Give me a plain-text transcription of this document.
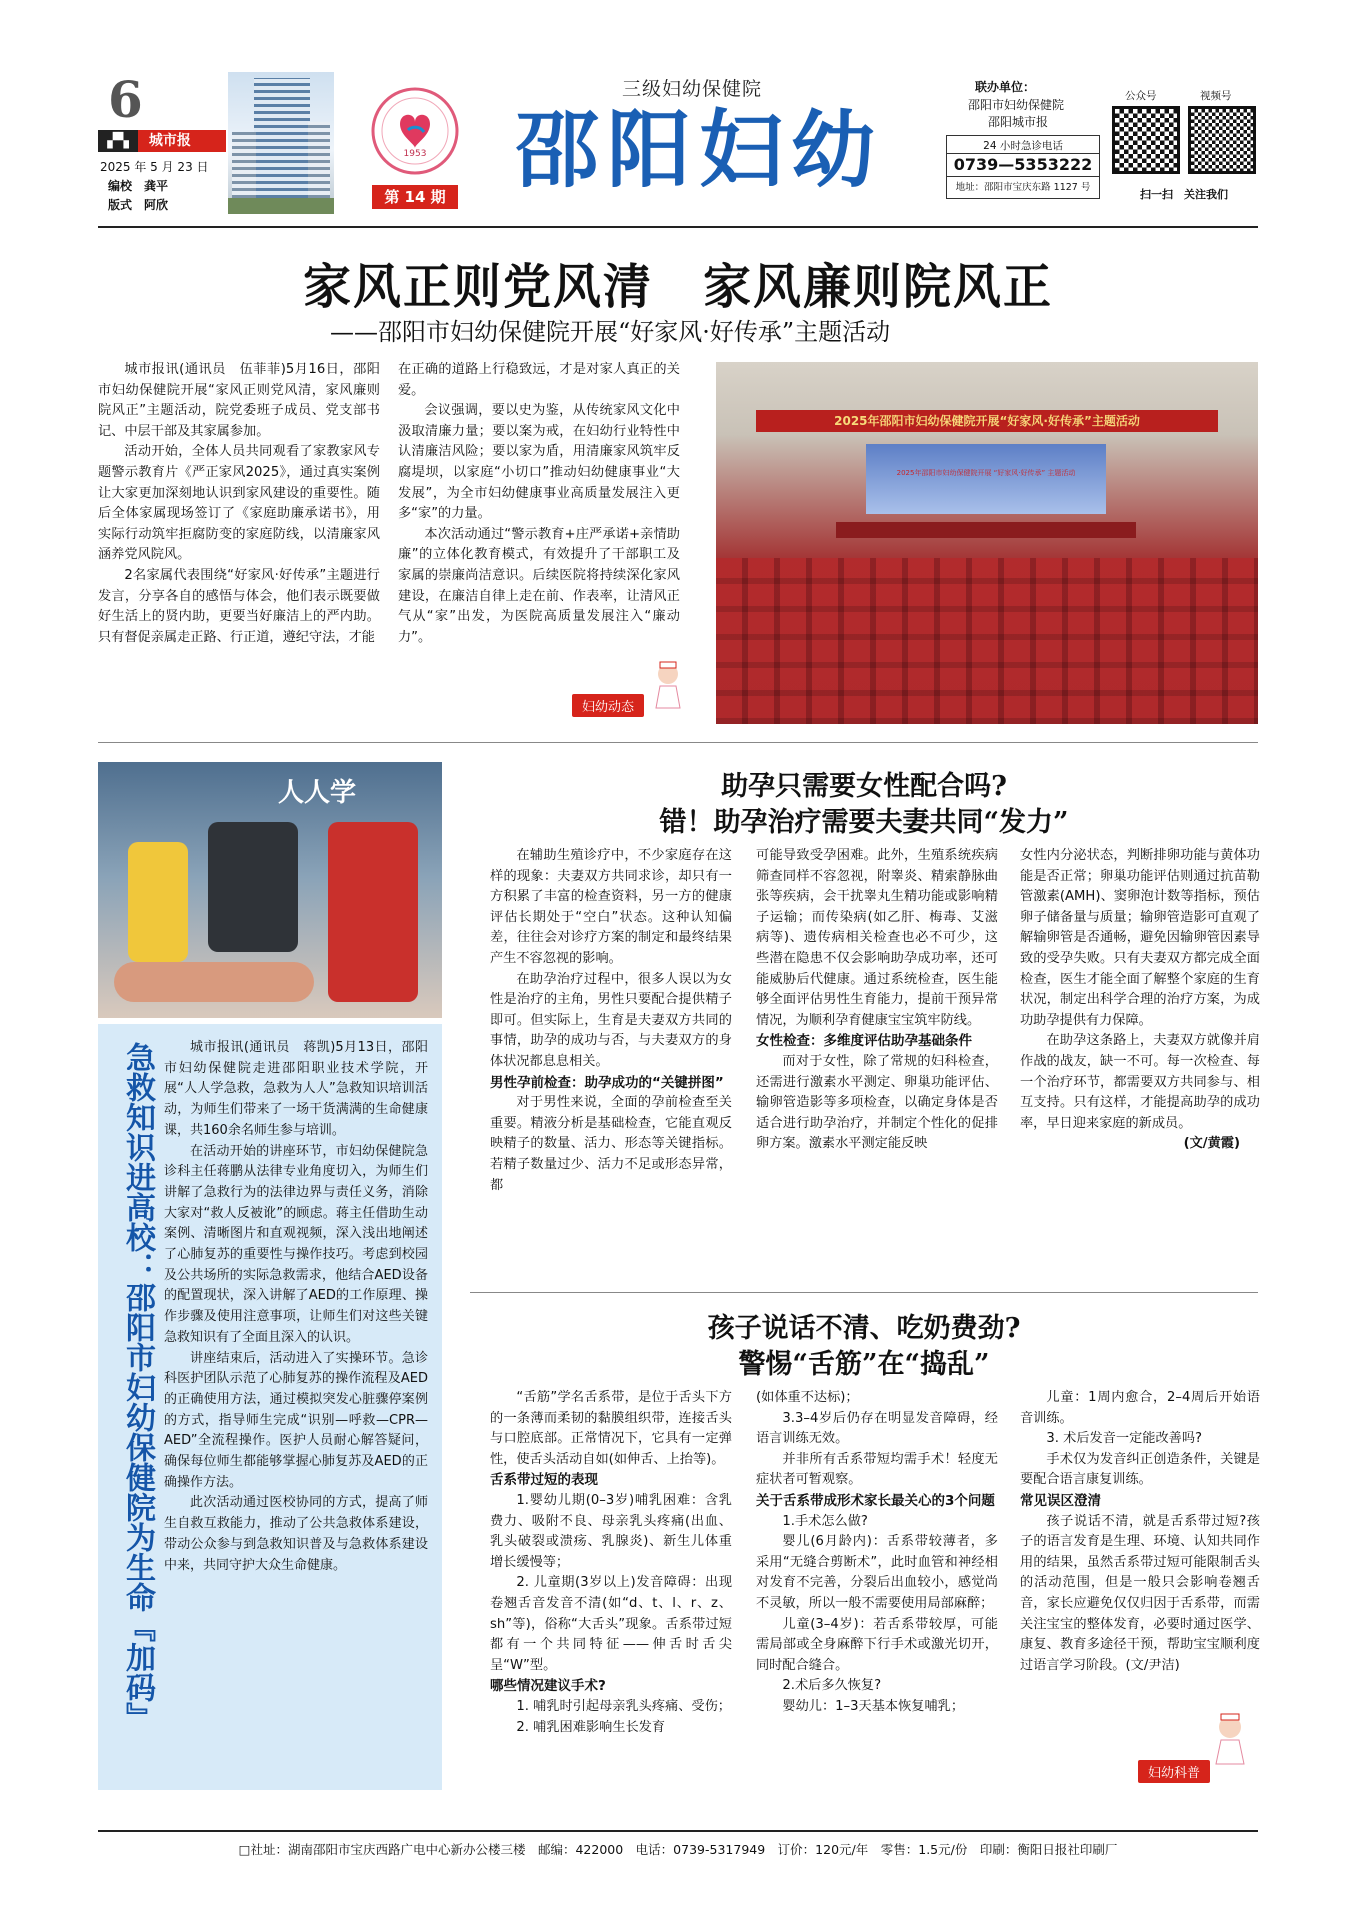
6
▞▚ 城市报
2025 年 5 月 23 日
编校　龚平
版式　阿欣
1953
第 14 期
三级妇幼保健院
邵阳妇幼
联办单位：
邵阳市妇幼保健院
邵阳城市报
24 小时急诊电话
0739—5353222
地址：邵阳市宝庆东路 1127 号
公众号	视频号
扫一扫　关注我们
家风正则党风清　家风廉则院风正
——邵阳市妇幼保健院开展“好家风·好传承”主题活动

城市报讯(通讯员　伍菲菲)5月16日，邵阳市妇幼保健院开展“家风正则党风清，家风廉则院风正”主题活动，院党委班子成员、党支部书记、中层干部及其家属参加。

活动开始，全体人员共同观看了家教家风专题警示教育片《严正家风2025》，通过真实案例让大家更加深刻地认识到家风建设的重要性。随后全体家属现场签订了《家庭助廉承诺书》，用实际行动筑牢拒腐防变的家庭防线，以清廉家风涵养党风院风。

2名家属代表围绕“好家风·好传承”主题进行发言，分享各自的感悟与体会，他们表示既要做好生活上的贤内助，更要当好廉洁上的严内助。只有督促亲属走正路、行正道，遵纪守法，才能

在正确的道路上行稳致远，才是对家人真正的关爱。

会议强调，要以史为鉴，从传统家风文化中汲取清廉力量；要以案为戒，在妇幼行业特性中认清廉洁风险；要以家为盾，用清廉家风筑牢反腐堤坝，以家庭“小切口”推动妇幼健康事业“大发展”，为全市妇幼健康事业高质量发展注入更多“家”的力量。

本次活动通过“警示教育+庄严承诺+亲情助廉”的立体化教育模式，有效提升了干部职工及家属的崇廉尚洁意识。后续医院将持续深化家风建设，在廉洁自律上走在前、作表率，让清风正气从“家”出发，为医院高质量发展注入“廉动力”。

妇幼动态
2025年邵阳市妇幼保健院开展“好家风·好传承”主题活动
2025年邵阳市妇幼保健院开展 “好家风·好传承” 主题活动
人人学
急救知识进高校：邵阳市妇幼保健院为生命『加码』	城市报讯(通讯员　蒋凯)5月13日，邵阳市妇幼保健院走进邵阳职业技术学院，开展“人人学急救，急救为人人”急救知识培训活动，为师生们带来了一场干货满满的生命健康课，共160余名师生参与培训。

在活动开始的讲座环节，市妇幼保健院急诊科主任蒋鹏从法律专业角度切入，为师生们讲解了急救行为的法律边界与责任义务，消除大家对“救人反被讹”的顾虑。蒋主任借助生动案例、清晰图片和直观视频，深入浅出地阐述了心肺复苏的重要性与操作技巧。考虑到校园及公共场所的实际急救需求，他结合AED设备的配置现状，深入讲解了AED的工作原理、操作步骤及使用注意事项，让师生们对这些关键急救知识有了全面且深入的认识。

讲座结束后，活动进入了实操环节。急诊科医护团队示范了心肺复苏的操作流程及AED的正确使用方法，通过模拟突发心脏骤停案例的方式，指导师生完成“识别—呼救—CPR—AED”全流程操作。医护人员耐心解答疑问，确保每位师生都能够掌握心肺复苏及AED的正确操作方法。

此次活动通过医校协同的方式，提高了师生自救互救能力，推动了公共急救体系建设，带动公众参与到急救知识普及与急救体系建设中来，共同守护大众生命健康。

助孕只需要女性配合吗?
错！助孕治疗需要夫妻共同“发力”

在辅助生殖诊疗中，不少家庭存在这样的现象：夫妻双方共同求诊，却只有一方积累了丰富的检查资料，另一方的健康评估长期处于“空白”状态。这种认知偏差，往往会对诊疗方案的制定和最终结果产生不容忽视的影响。

在助孕治疗过程中，很多人误以为女性是治疗的主角，男性只要配合提供精子即可。但实际上，生育是夫妻双方共同的事情，助孕的成功与否，与夫妻双方的身体状况都息息相关。

男性孕前检查：助孕成功的“关键拼图”

对于男性来说，全面的孕前检查至关重要。精液分析是基础检查，它能直观反映精子的数量、活力、形态等关键指标。若精子数量过少、活力不足或形态异常，都

可能导致受孕困难。此外，生殖系统疾病筛查同样不容忽视，附睾炎、精索静脉曲张等疾病，会干扰睾丸生精功能或影响精子运输；而传染病(如乙肝、梅毒、艾滋病等)、遗传病相关检查也必不可少，这些潜在隐患不仅会影响助孕成功率，还可能威胁后代健康。通过系统检查，医生能够全面评估男性生育能力，提前干预异常情况，为顺利孕育健康宝宝筑牢防线。

女性检查：多维度评估助孕基础条件

而对于女性，除了常规的妇科检查，还需进行激素水平测定、卵巢功能评估、输卵管造影等多项检查，以确定身体是否适合进行助孕治疗，并制定个性化的促排卵方案。激素水平测定能反映

女性内分泌状态，判断排卵功能与黄体功能是否正常；卵巢功能评估则通过抗苗勒管激素(AMH)、窦卵泡计数等指标，预估卵子储备量与质量；输卵管造影可直观了解输卵管是否通畅，避免因输卵管因素导致的受孕失败。只有夫妻双方都完成全面检查，医生才能全面了解整个家庭的生育状况，制定出科学合理的治疗方案，为成功助孕提供有力保障。

在助孕这条路上，夫妻双方就像并肩作战的战友，缺一不可。每一次检查、每一个治疗环节，都需要双方共同参与、相互支持。只有这样，才能提高助孕的成功率，早日迎来家庭的新成员。

(文/黄霞)

孩子说话不清、吃奶费劲?
警惕“舌筋”在“捣乱”

“舌筋”学名舌系带，是位于舌头下方的一条薄而柔韧的黏膜组织带，连接舌头与口腔底部。正常情况下，它具有一定弹性，使舌头活动自如(如伸舌、上抬等)。

舌系带过短的表现

1.婴幼儿期(0–3岁)哺乳困难：含乳费力、吸附不良、母亲乳头疼痛(出血、乳头破裂或溃疡、乳腺炎)、新生儿体重增长缓慢等；

2. 儿童期(3岁以上)发音障碍：出现卷翘舌音发音不清(如“d、t、l、r、z、sh”等)，俗称“大舌头”现象。舌系带过短都有一个共同特征——伸舌时舌尖呈“W”型。

哪些情况建议手术?

1. 哺乳时引起母亲乳头疼痛、受伤；

2. 哺乳困难影响生长发育

(如体重不达标)；

3.3–4岁后仍存在明显发音障碍，经语言训练无效。

并非所有舌系带短均需手术！轻度无症状者可暂观察。

关于舌系带成形术家长最关心的3个问题

1.手术怎么做?

婴儿(6月龄内)：舌系带较薄者，多采用“无缝合剪断术”，此时血管和神经相对发育不完善，分裂后出血较小，感觉尚不灵敏，所以一般不需要使用局部麻醉；

儿童(3–4岁)：若舌系带较厚，可能需局部或全身麻醉下行手术或激光切开，同时配合缝合。

2.术后多久恢复?

婴幼儿：1–3天基本恢复哺乳；

儿童：1周内愈合，2–4周后开始语音训练。

3. 术后发音一定能改善吗?

手术仅为发音纠正创造条件，关键是要配合语言康复训练。

常见误区澄清

孩子说话不清，就是舌系带过短?孩子的语言发育是生理、环境、认知共同作用的结果，虽然舌系带过短可能限制舌头的活动范围，但是一般只会影响卷翘舌音，家长应避免仅仅归因于舌系带，而需关注宝宝的整体发育，必要时通过医学、康复、教育多途径干预，帮助宝宝顺利度过语言学习阶段。(文/尹洁)

妇幼科普
□社址：湖南邵阳市宝庆西路广电中心新办公楼三楼　邮编：422000　电话：0739-5317949　订价：120元/年　零售：1.5元/份　印刷：衡阳日报社印刷厂
